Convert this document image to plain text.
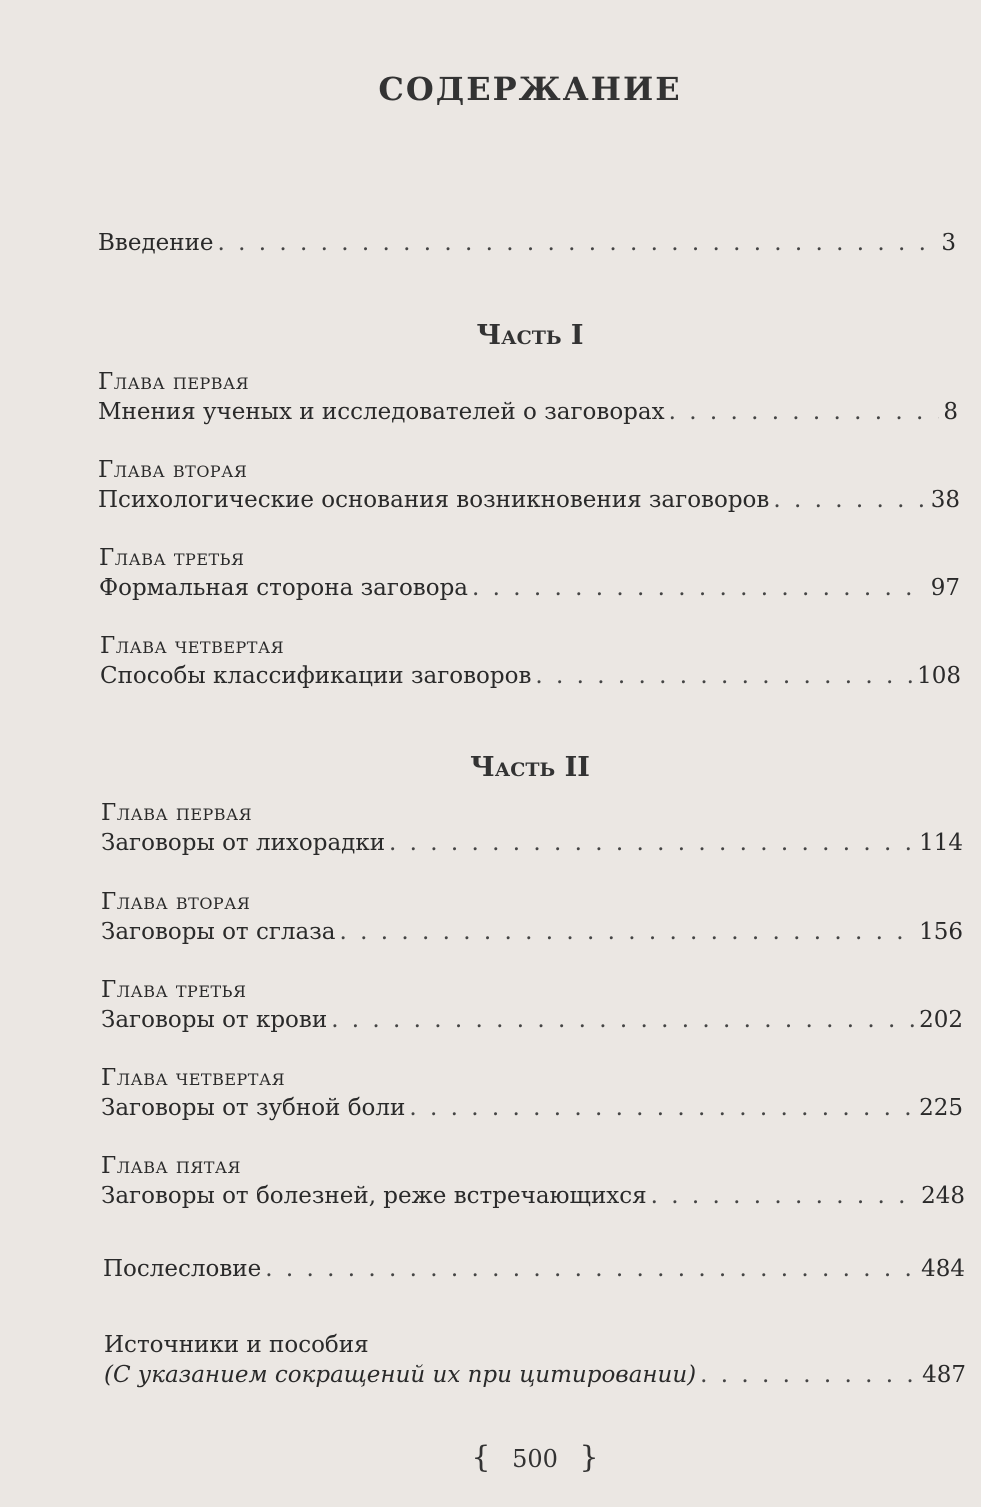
СОДЕРЖАНИЕ
Введение . . .	3
Часть I
Глава первая
Мнения ученых и исследователей о заговорах . . .	8
Глава вторая
Психологические основания возникновения заговоров . . .	38
Глава третья
Формальная сторона заговора . . .	97
Глава четвертая
Способы классификации заговоров . . .	108
Часть II
Глава первая
Заговоры от лихорадки . . .	114
Глава вторая
Заговоры от сглаза . . .	156
Глава третья
Заговоры от крови . . .	202
Глава четвертая
Заговоры от зубной боли . . .	225
Глава пятая
Заговоры от болезней, реже встречающихся . . .	248
Послесловие . . .	484
Источники и пособия
(С указанием сокращений их при цитировании) . . .	487
{ 500 }
